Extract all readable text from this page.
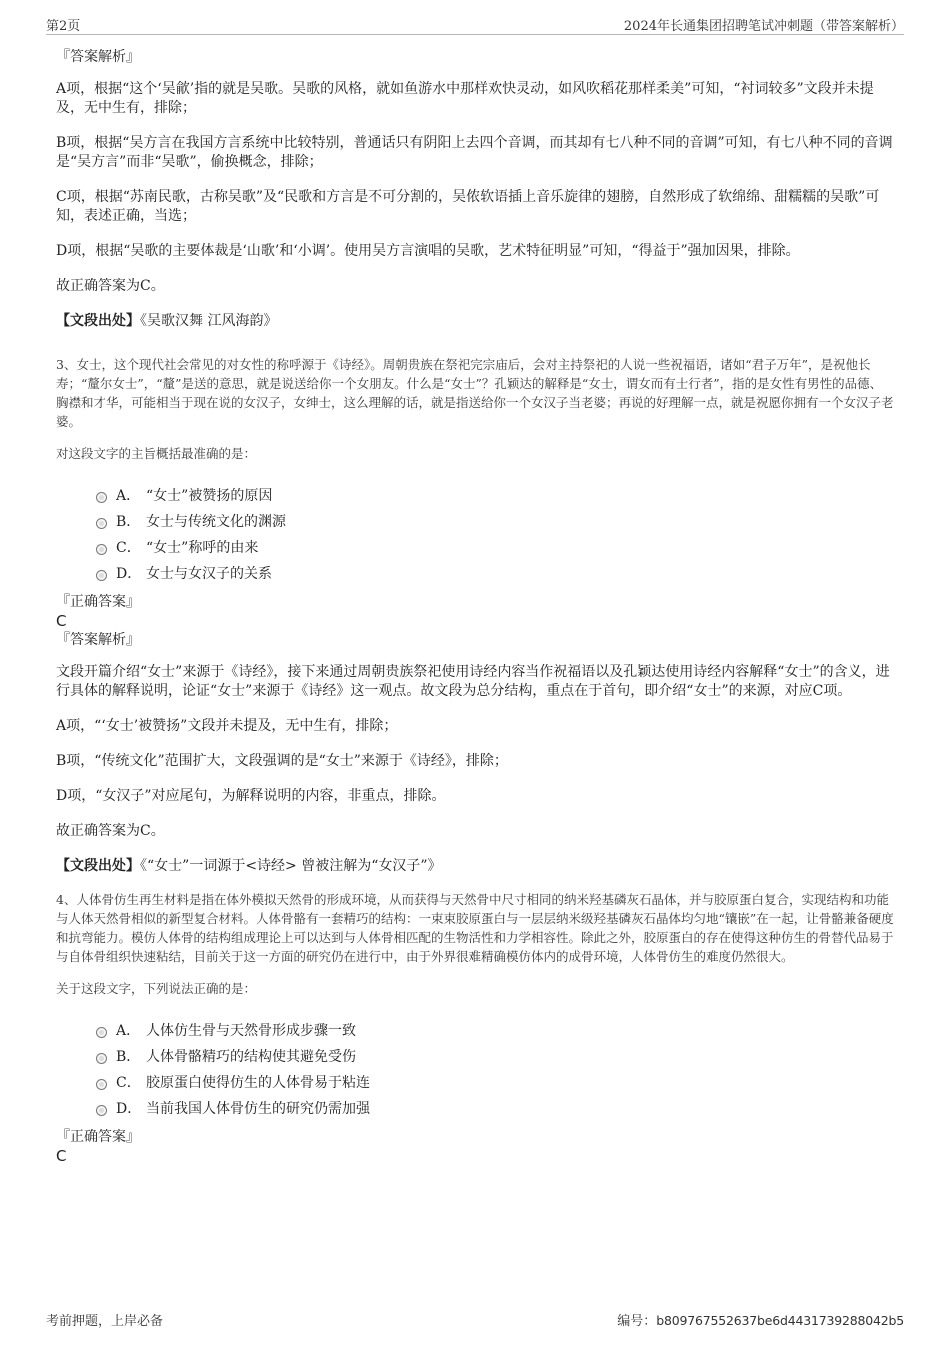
第2页	2024年长通集团招聘笔试冲刺题（带答案解析）
『答案解析』

A项，根据“这个‘吴歈’指的就是吴歌。吴歌的风格，就如鱼游水中那样欢快灵动，如风吹稻花那样柔美”可知，“衬词较多”文段并未提及，无中生有，排除；

B项，根据“吴方言在我国方言系统中比较特别，普通话只有阴阳上去四个音调，而其却有七八种不同的音调”可知，有七八种不同的音调是“吴方言”而非“吴歌”，偷换概念，排除；

C项，根据“苏南民歌，古称吴歌”及“民歌和方言是不可分割的，吴侬软语插上音乐旋律的翅膀，自然形成了软绵绵、甜糯糯的吴歌”可知，表述正确，当选；

D项，根据“吴歌的主要体裁是‘山歌’和‘小调’。使用吴方言演唱的吴歌，艺术特征明显”可知，“得益于”强加因果，排除。

故正确答案为C。

【文段出处】《吴歌汉舞 江风海韵》

3、女士，这个现代社会常见的对女性的称呼源于《诗经》。周朝贵族在祭祀完宗庙后，会对主持祭祀的人说一些祝福语，诸如“君子万年”，是祝他长寿；“釐尔女士”，“釐”是送的意思，就是说送给你一个女朋友。什么是“女士”？孔颖达的解释是“女士，谓女而有士行者”，指的是女性有男性的品德、胸襟和才华，可能相当于现在说的女汉子，女绅士，这么理解的话，就是指送给你一个女汉子当老婆；再说的好理解一点，就是祝愿你拥有一个女汉子老婆。

对这段文字的主旨概括最准确的是：

A． “女士”被赞扬的原因
B． 女士与传统文化的渊源
C． “女士”称呼的由来
D． 女士与女汉子的关系
『正确答案』
C
『答案解析』

文段开篇介绍“女士”来源于《诗经》，接下来通过周朝贵族祭祀使用诗经内容当作祝福语以及孔颖达使用诗经内容解释“女士”的含义，进行具体的解释说明，论证“女士”来源于《诗经》这一观点。故文段为总分结构，重点在于首句，即介绍“女士”的来源，对应C项。

A项，“‘女士’被赞扬”文段并未提及，无中生有，排除；

B项，“传统文化”范围扩大，文段强调的是“女士”来源于《诗经》，排除；

D项，“女汉子”对应尾句，为解释说明的内容，非重点，排除。

故正确答案为C。

【文段出处】《“女士”一词源于<诗经> 曾被注解为“女汉子”》

4、人体骨仿生再生材料是指在体外模拟天然骨的形成环境，从而获得与天然骨中尺寸相同的纳米羟基磷灰石晶体，并与胶原蛋白复合，实现结构和功能与人体天然骨相似的新型复合材料。人体骨骼有一套精巧的结构：一束束胶原蛋白与一层层纳米级羟基磷灰石晶体均匀地“镶嵌”在一起，让骨骼兼备硬度和抗弯能力。模仿人体骨的结构组成理论上可以达到与人体骨相匹配的生物活性和力学相容性。除此之外，胶原蛋白的存在使得这种仿生的骨替代品易于与自体骨组织快速粘结，目前关于这一方面的研究仍在进行中，由于外界很难精确模仿体内的成骨环境，人体骨仿生的难度仍然很大。

关于这段文字，下列说法正确的是：

A． 人体仿生骨与天然骨形成步骤一致
B． 人体骨骼精巧的结构使其避免受伤
C． 胶原蛋白使得仿生的人体骨易于粘连
D． 当前我国人体骨仿生的研究仍需加强
『正确答案』
C
考前押题，上岸必备	编号：b809767552637be6d4431739288042b5
